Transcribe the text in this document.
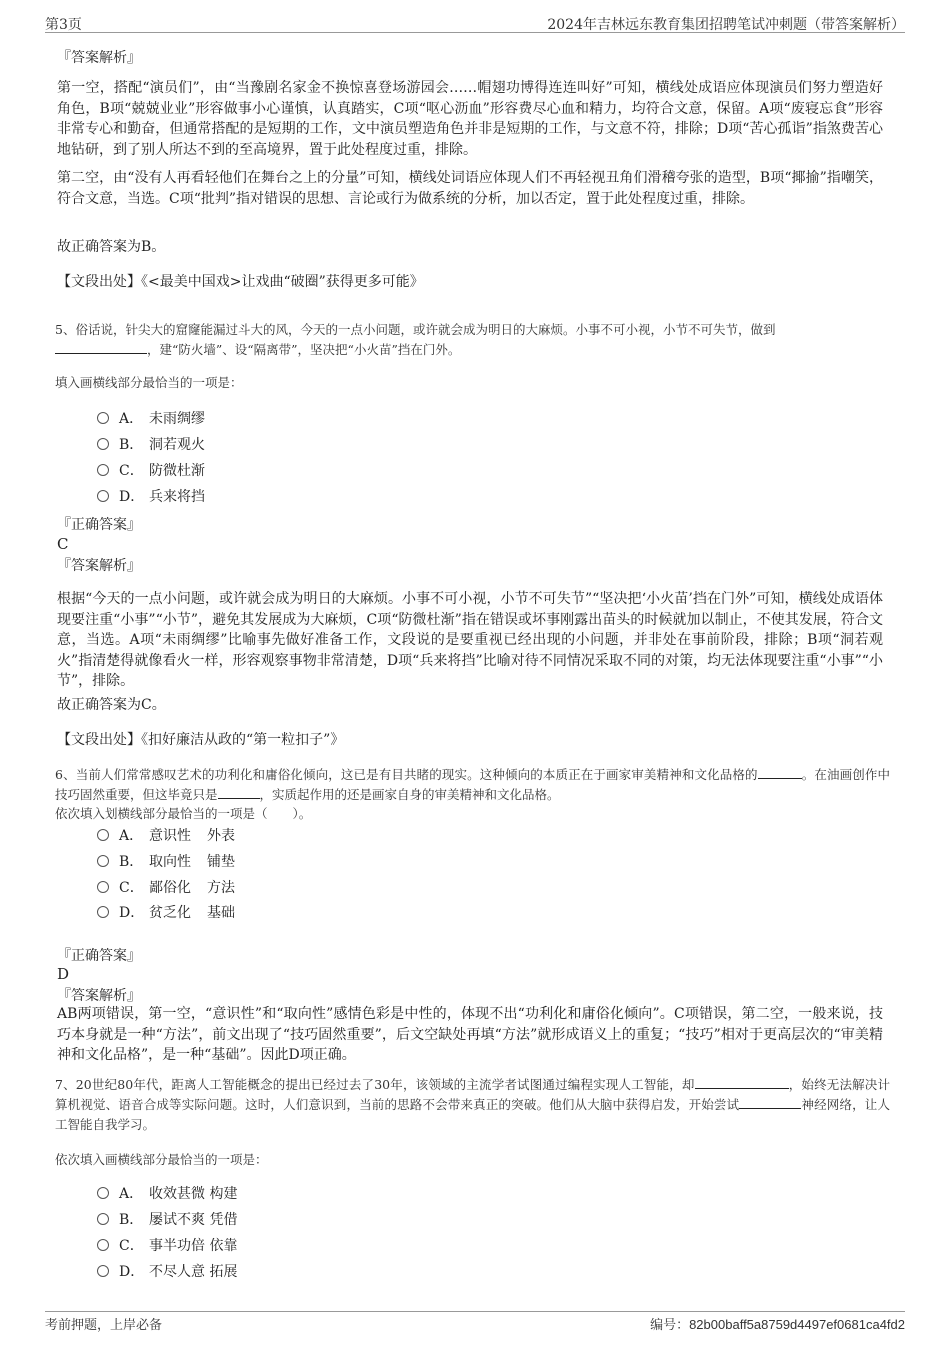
第3页	2024年吉林远东教育集团招聘笔试冲刺题（带答案解析）
『答案解析』
第一空，搭配“演员们”，由“当豫剧名家金不换惊喜登场游园会……帽翅功博得连连叫好”可知，横线处成语应体现演员们努力塑造好角色，B项“兢兢业业”形容做事小心谨慎，认真踏实，C项“呕心沥血”形容费尽心血和精力，均符合文意，保留。A项“废寝忘食”形容非常专心和勤奋，但通常搭配的是短期的工作，文中演员塑造角色并非是短期的工作，与文意不符，排除；D项“苦心孤诣”指煞费苦心地钻研，到了别人所达不到的至高境界，置于此处程度过重，排除。
第二空，由“没有人再看轻他们在舞台之上的分量”可知，横线处词语应体现人们不再轻视丑角们滑稽夸张的造型，B项“揶揄”指嘲笑，符合文意，当选。C项“批判”指对错误的思想、言论或行为做系统的分析，加以否定，置于此处程度过重，排除。
故正确答案为B。
【文段出处】《<最美中国戏>让戏曲“破圈”获得更多可能》
5、俗话说，针尖大的窟窿能漏过斗大的风，今天的一点小问题，或许就会成为明日的大麻烦。小事不可小视，小节不可失节，做到
，建“防火墙”、设“隔离带”，坚决把“小火苗”挡在门外。
填入画横线部分最恰当的一项是：
A． 未雨绸缪
B． 洞若观火
C． 防微杜渐
D． 兵来将挡
『正确答案』
C
『答案解析』
根据“今天的一点小问题，或许就会成为明日的大麻烦。小事不可小视，小节不可失节”“坚决把‘小火苗’挡在门外”可知，横线处成语体现要注重“小事”“小节”，避免其发展成为大麻烦，C项“防微杜渐”指在错误或坏事刚露出苗头的时候就加以制止，不使其发展，符合文意，当选。A项“未雨绸缪”比喻事先做好准备工作，文段说的是要重视已经出现的小问题，并非处在事前阶段，排除；B项“洞若观火”指清楚得就像看火一样，形容观察事物非常清楚，D项“兵来将挡”比喻对待不同情况采取不同的对策，均无法体现要注重“小事”“小节”，排除。
故正确答案为C。
【文段出处】《扣好廉洁从政的“第一粒扣子”》
6、当前人们常常感叹艺术的功利化和庸俗化倾向，这已是有目共睹的现实。这种倾向的本质正在于画家审美精神和文化品格的	。在油画创作中技巧固然重要，但这毕竟只是	，实质起作用的还是画家自身的审美精神和文化品格。
依次填入划横线部分最恰当的一项是（　　）。
A． 意识性 外表
B． 取向性 铺垫
C． 鄙俗化 方法
D． 贫乏化 基础
『正确答案』
D
『答案解析』
AB两项错误，第一空，“意识性”和“取向性”感情色彩是中性的，体现不出“功利化和庸俗化倾向”。C项错误，第二空，一般来说，技巧本身就是一种“方法”，前文出现了“技巧固然重要”，后文空缺处再填“方法”就形成语义上的重复；“技巧”相对于更高层次的“审美精神和文化品格”，是一种“基础”。因此D项正确。
7、20世纪80年代，距离人工智能概念的提出已经过去了30年，该领域的主流学者试图通过编程实现人工智能，却	，始终无法解决计算机视觉、语音合成等实际问题。这时，人们意识到，当前的思路不会带来真正的突破。他们从大脑中获得启发，开始尝试	神经网络，让人工智能自我学习。
依次填入画横线部分最恰当的一项是：
A． 收效甚微 构建
B． 屡试不爽 凭借
C． 事半功倍 依靠
D． 不尽人意 拓展
考前押题，上岸必备	编号：82b00baff5a8759d4497ef0681ca4fd2
